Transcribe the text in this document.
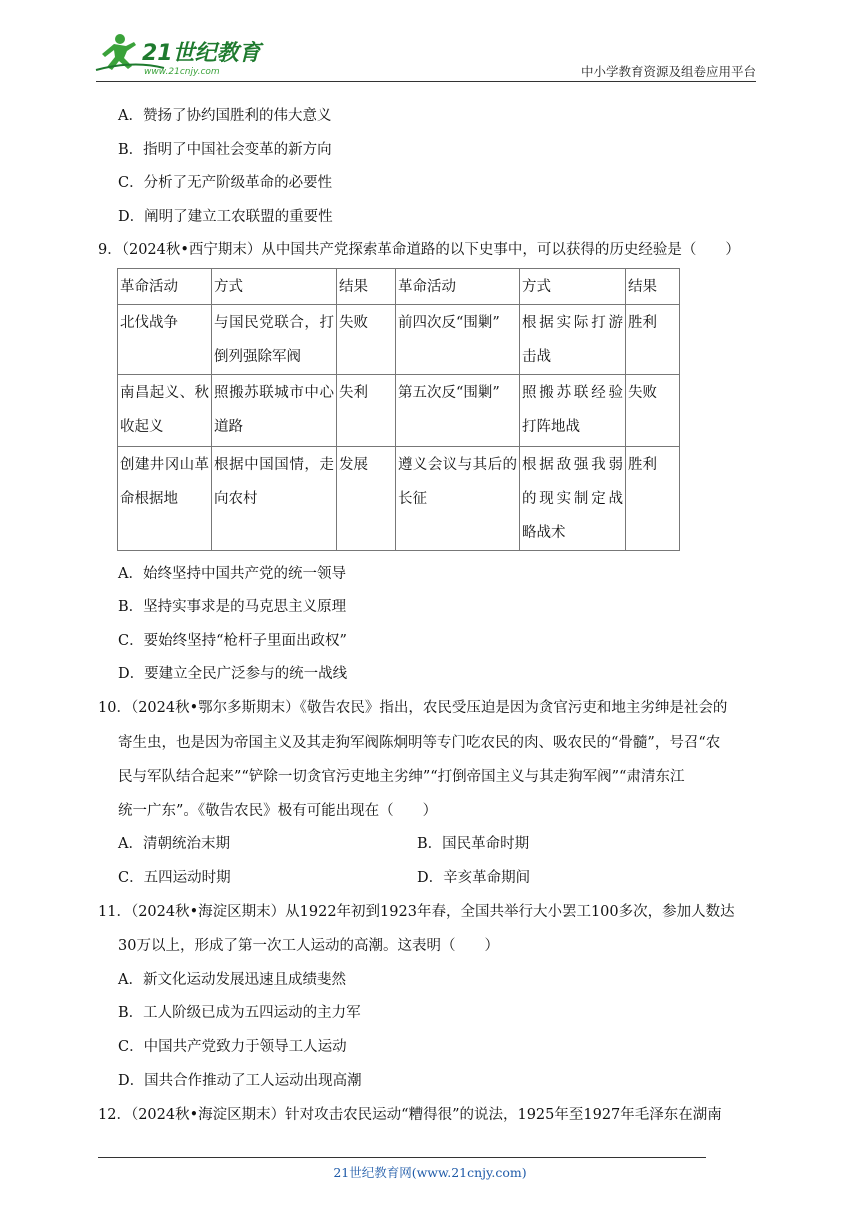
21世纪教育
www.21cnjy.com	中小学教育资源及组卷应用平台
A．赞扬了协约国胜利的伟大意义
B．指明了中国社会变革的新方向
C．分析了无产阶级革命的必要性
D．阐明了建立工农联盟的重要性
9．（2024秋•西宁期末）从中国共产党探索革命道路的以下史事中，可以获得的历史经验是（　　）
革命活动	方式	结果	革命活动	方式	结果
北伐战争	与国民党联合，打倒列强除军阀	失败	前四次反“围剿”	根据实际打游击战	胜利
南昌起义、秋收起义	照搬苏联城市中心道路	失利	第五次反“围剿”	照搬苏联经验打阵地战	失败
创建井冈山革命根据地	根据中国国情，走向农村	发展	遵义会议与其后的长征	根据敌强我弱的现实制定战略战术	胜利
A．始终坚持中国共产党的统一领导
B．坚持实事求是的马克思主义原理
C．要始终坚持“枪杆子里面出政权”
D．要建立全民广泛参与的统一战线
10．（2024秋•鄂尔多斯期末）《敬告农民》指出，农民受压迫是因为贪官污吏和地主劣绅是社会的
寄生虫，也是因为帝国主义及其走狗军阀陈炯明等专门吃农民的肉、吸农民的“骨髓”，号召“农
民与军队结合起来”“铲除一切贪官污吏地主劣绅”“打倒帝国主义与其走狗军阀”“肃清东江
统一广东”。《敬告农民》极有可能出现在（　　）
A．清朝统治末期	B．国民革命时期
C．五四运动时期	D．辛亥革命期间
11．（2024秋•海淀区期末）从1922年初到1923年春，全国共举行大小罢工100多次，参加人数达
30万以上，形成了第一次工人运动的高潮。这表明（　　）
A．新文化运动发展迅速且成绩斐然
B．工人阶级已成为五四运动的主力军
C．中国共产党致力于领导工人运动
D．国共合作推动了工人运动出现高潮
12．（2024秋•海淀区期末）针对攻击农民运动“糟得很”的说法，1925年至1927年毛泽东在湖南
21世纪教育网(www.21cnjy.com)
